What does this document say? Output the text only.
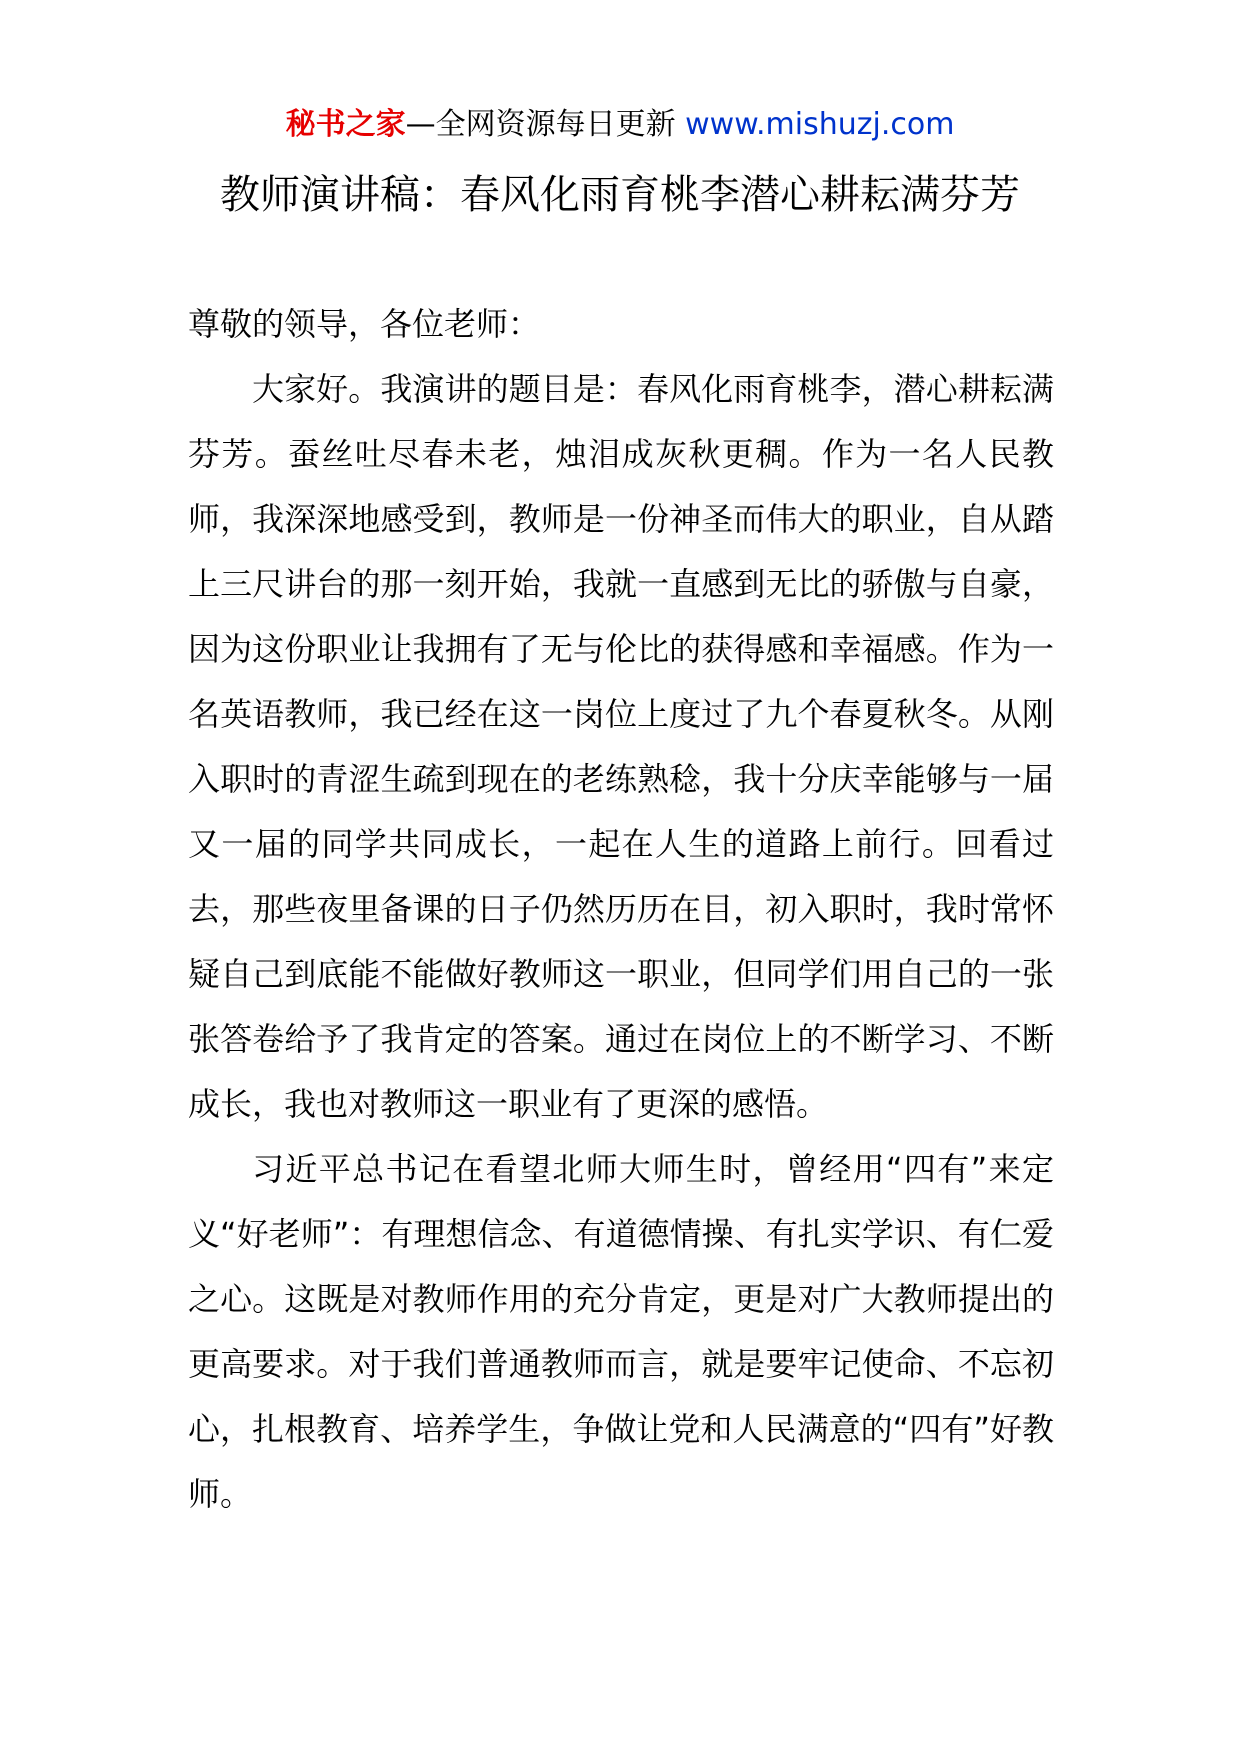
秘书之家—全网资源每日更新 www.mishuzj.com
教师演讲稿：春风化雨育桃李潜心耕耘满芬芳

尊敬的领导，各位老师：

大家好。我演讲的题目是：春风化雨育桃李，潜心耕耘满芬芳。蚕丝吐尽春未老，烛泪成灰秋更稠。作为一名人民教师，我深深地感受到，教师是一份神圣而伟大的职业，自从踏上三尺讲台的那一刻开始，我就一直感到无比的骄傲与自豪，因为这份职业让我拥有了无与伦比的获得感和幸福感。作为一名英语教师，我已经在这一岗位上度过了九个春夏秋冬。从刚入职时的青涩生疏到现在的老练熟稔，我十分庆幸能够与一届又一届的同学共同成长，一起在人生的道路上前行。回看过去，那些夜里备课的日子仍然历历在目，初入职时，我时常怀疑自己到底能不能做好教师这一职业，但同学们用自己的一张张答卷给予了我肯定的答案。通过在岗位上的不断学习、不断成长，我也对教师这一职业有了更深的感悟。

习近平总书记在看望北师大师生时，曾经用“四有”来定义“好老师”：有理想信念、有道德情操、有扎实学识、有仁爱之心。这既是对教师作用的充分肯定，更是对广大教师提出的更高要求。对于我们普通教师而言，就是要牢记使命、不忘初心，扎根教育、培养学生，争做让党和人民满意的“四有”好教师。
